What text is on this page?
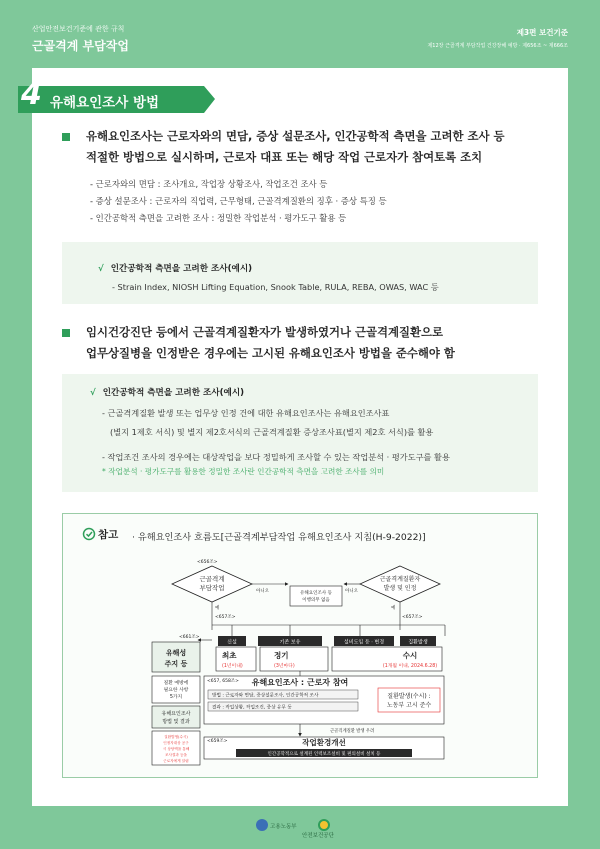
산업안전보건기준에 관한 규칙
근골격계 부담작업
제3편 보건기준
제12장 근골격계 부담작업 건강장해 예방 · 제656조 ~ 제666조
4 유해요인조사 방법
유해요인조사는 근로자와의 면담, 증상 설문조사, 인간공학적 측면을 고려한 조사 등
적절한 방법으로 실시하며, 근로자 대표 또는 해당 작업 근로자가 참여토록 조치
- 근로자와의 면담 : 조사개요, 작업장 상황조사, 작업조건 조사 등
- 증상 설문조사 : 근로자의 직업력, 근무형태, 근골격계질환의 징후 · 증상 특징 등
- 인간공학적 측면을 고려한 조사 : 정밀한 작업분석 · 평가도구 활용 등
√ 인간공학적 측면을 고려한 조사(예시)
- Strain Index, NIOSH Lifting Equation, Snook Table, RULA, REBA, OWAS, WAC 등
임시건강진단 등에서 근골격계질환자가 발생하였거나 근골격계질환으로
업무상질병을 인정받은 경우에는 고시된 유해요인조사 방법을 준수해야 함
√ 인간공학적 측면을 고려한 조사(예시)
- 근골격계질환 발생 또는 업무상 인정 건에 대한 유해요인조사는 유해요인조사표
(별지 1제호 서식) 및 별지 제2호서식의 근골격계질환 증상조사표(별지 제2호 서식)를 활용
- 작업조건 조사의 경우에는 대상작업을 보다 정밀하게 조사할 수 있는 작업분석 · 평가도구를 활용
* 작업분석 · 평가도구를 활용한 정밀한 조사란 인간공학적 측면을 고려한 조사를 의미
참고 · 유해요인조사 흐름도[근골격계부담작업 유해요인조사 지침(H-9-2022)]
<656조>
근골격계
부담작업	아니오	유해요인조사 등
이행의무 없음
아니오
근골격계질환자
발생 및 인정
예
<657조>
예
<657조>
신설	기존 보유	설비도입 등 · 변경	질환발생
최초
(1년이내)
정기
(3년마다)
수시
(1개월 이내, 2024.6.28)
<661조>
유해성
주지 등
질환 예방에
필요한 사항
5가지
유해요인조사
방법 및 결과
질환발생(수시)
인정자대상 공구
시 상당액을 통해
조사결과 등을
근로자에게 알림
<657, 658조> 유해요인조사 : 근로자 참여
방법 : 근로자와 면담, 증상설문조사, 인간공학적 조사
결과 : 작업상황, 작업조건, 증상 유무 등
질환발생(수시) :
노동부 고시 준수
근골격계질환 발생 우려
<659조>	작업환경개선
인간공학적으로 설계된 인력보조설비 및 편의설비 설치 등
고용노동부
안전보건공단
